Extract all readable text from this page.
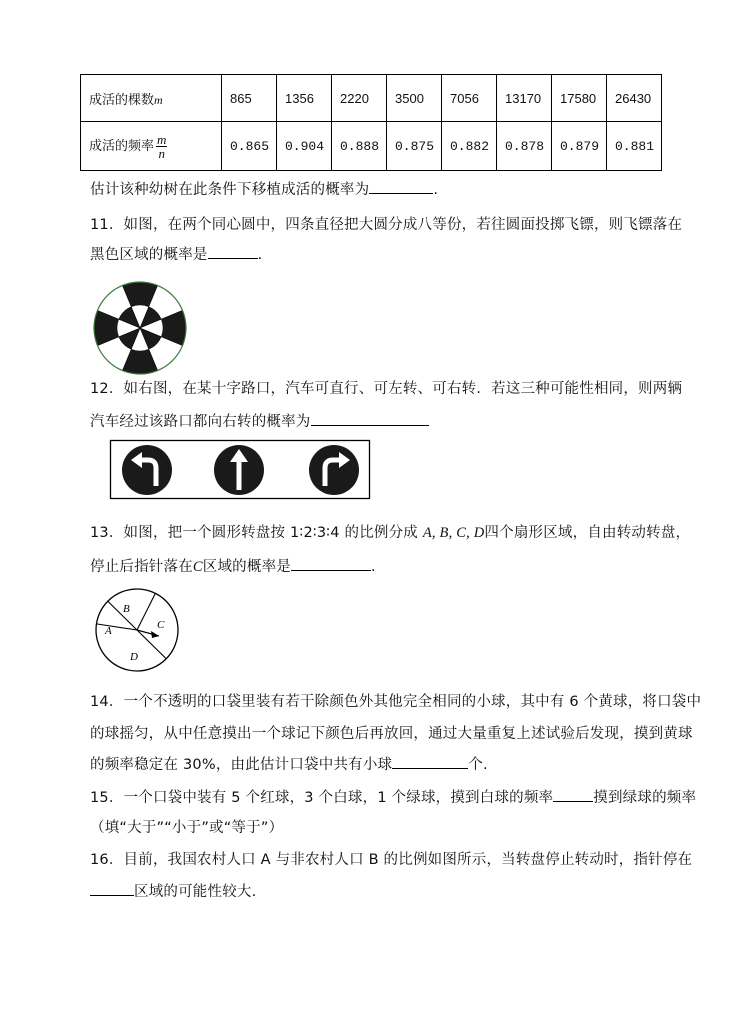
成活的棵数m	865	1356	2220	3500	7056	13170	17580	26430
成活的频率 $\frac{m}{n}$	0.865	0.904	0.888	0.875	0.882	0.878	0.879	0.881
估计该种幼树在此条件下移植成活的概率为	.
11．如图，在两个同心圆中，四条直径把大圆分成八等份，若往圆面投掷飞镖，则飞镖落在
黑色区域的概率是	.
12．如右图，在某十字路口，汽车可直行、可左转、可右转．若这三种可能性相同，则两辆
汽车经过该路口都向右转的概率为
13．如图，把一个圆形转盘按 1∶2∶3∶4 的比例分成 A, B, C, D四个扇形区域，自由转动转盘，
停止后指针落在C区域的概率是	.
B
A	C
D
14．一个不透明的口袋里装有若干除颜色外其他完全相同的小球，其中有 6 个黄球，将口袋中
的球摇匀，从中任意摸出一个球记下颜色后再放回，通过大量重复上述试验后发现，摸到黄球
的频率稳定在 30%，由此估计口袋中共有小球	个.
15．一个口袋中装有 5 个红球，3 个白球，1 个绿球，摸到白球的频率	摸到绿球的频率
（填“大于”“小于”或“等于”）
16．目前，我国农村人口 A 与非农村人口 B 的比例如图所示，当转盘停止转动时，指针停在
区域的可能性较大.
